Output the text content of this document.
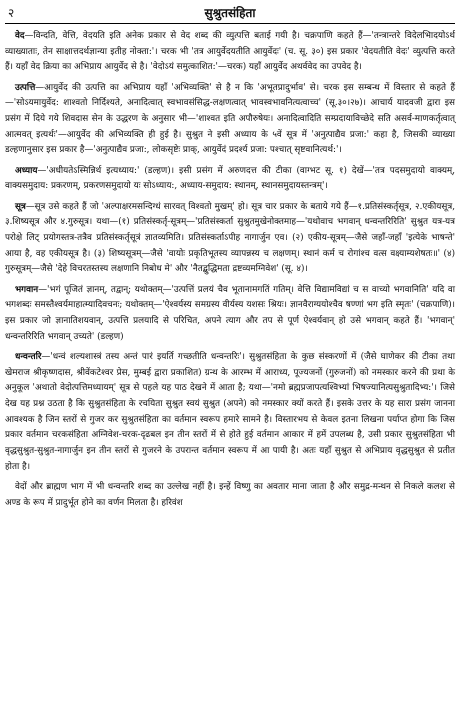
२	सुश्रुतसंहिता

वेद—विन्दति, वेत्ति, वेदयति इति अनेक प्रकार से वेद शब्द की व्युत्पत्ति बताई गयी है। चक्रपाणि कहते हैं—'तन्त्रान्तरे विदेलभिादयोऽर्थ व्याख्याताः, तेन साक्षात्तदर्थज्ञान्या इतीह नोक्ता:'। चरक भी 'तत्र आयुर्वेदयतीति आयुर्वेदः' (च. सू. ३०) इस प्रकार 'वेदयतीति वेदः' व्युत्पत्ति करते हैं। यहाँ वेद क्रिया का अभिप्राय आयुर्वेद से है। 'वेदोऽयं समुत्काशित:'—चरक) यहाँ आयुर्वेद अथर्ववेद का उपवेद है।

उत्पत्ति—आयुर्वेद की उत्पत्ति का अभिप्राय यहाँ 'अभिव्यक्ति' से है न कि 'अभूतप्रादुर्भाव' से। चरक इस सम्बन्ध में विस्तार से कहते हैं—'सोऽयमायुर्वेद: शाश्वतो निर्दिश्यते, अनादित्वात् स्वभावसंसिद्ध-लक्षणत्वात् भावस्वभावनित्यत्वाच्च' (सू.३०।२७)। आचार्य यादवजी द्वारा इस प्रसंग में दिये गये शिवदास सेन के उद्धरण के अनुसार भी—'शाश्वत इति अपौरुषेयः। अनादित्वादिति सम्प्रदायाविच्छेदे सति असर्व-माणकर्तृत्वात् आत्मवत् इत्यर्थः'—आयुर्वेद की अभिव्यक्ति ही हुई है। सुश्रुत ने इसी अध्याय के ५वें सूत्र में 'अनुत्पाद्यैव प्रजा:' कहा है, जिसकी व्याख्या डल्हणानुसार इस प्रकार है—'अनुत्पाद्यैव प्रजा:, लोकसृष्टेः प्राक्, आयुर्वेदं प्रदर्श्य प्रजा: पश्चात् सृष्टवानित्यर्थ:'।

अध्याय—'अधीयतेऽस्मिन्निर्थ इत्यध्याय:' (डल्हण)। इसी प्रसंग में अरुणदत्त की टीका (वाग्भट सू. १) देखें—'तत्र पदसमुदायो वाक्यम्, वाक्यसमुदाय: प्रकरणम्, प्रकरणसमुदायो यः सोऽध्याय:, अध्याय-समुदाय: स्थानम्, स्थानसमुदायस्तन्त्रम्'।

सूत्र—सूत्र उसे कहते हैं जो 'अल्पाक्षरमसन्दिग्धं सारवत् विश्वतो मुखम्' हो। सूत्र चार प्रकार के बताये गये हैं—१.प्रतिसंस्कर्तृसूत्र, २.एकीयसूत्र, ३.शिष्यसूत्र और ४.गुरुसूत्र। यथा—(१) प्रतिसंस्कर्तृ-सूत्रम्—'प्रतिसंस्कर्ता सुश्रुतमुखेनोक्तमाह—'यथोवाच भगवान् धन्वन्तरिरिति' सुश्रुत यत्र-यत्र परोक्षे लिट् प्रयोगस्तत्र-तत्रैव प्रतिसंस्कर्तृसूत्रं ज्ञातव्यमिति। प्रतिसंस्कर्ताऽपीह नागार्जुन एव। (२) एकीय-सूत्रम्—जैसे जहाँ-जहाँ 'इत्येके भाषन्ते' आया है, वह एकीयसूत्र है। (३) शिष्यसूत्रम्—जैसे 'वायोः प्रकृतिभूतस्य व्यापन्नस्य च लक्षणम्। स्थानं कर्म च रोगांश्च वत्स वक्ष्याम्यशेषतः॥' (४) गुरुसूत्रम्—जैसे 'देहे विचरतस्तस्य लक्षणानि निबोध मे' और 'नैतद्बुद्धिमता द्रष्टव्यमग्निवेश' (सू. ४)।

भगवान—'भगं पूजितं ज्ञानम्, तद्वान्; यथोक्तम्—'उत्पत्तिं प्रलयं चैव भूतानामगतिं गतिम्। वेत्ति विद्यामविद्यां च स वाच्यो भगवानिति' यदि वा भगशब्दः समस्तैश्वर्यमाहात्म्यादिवचनः; यथोक्तम्—'ऐश्वर्यस्य समग्रस्य वीर्यस्य यशसः श्रियः। ज्ञानवैराग्ययोश्चैव षण्णां भग इति स्मृतः' (चक्रपाणि)। इस प्रकार जो ज्ञानातिशयवान्, उत्पत्ति प्रलयादि से परिचित, अपने त्याग और तप से पूर्ण ऐश्वर्यवान् हो उसे भगवान् कहते हैं। 'भगवान्' धन्वन्तरिरिति भगवान् उच्यते' (डल्हण)

धन्वन्तरि—'धन्वं शल्यशास्त्रं तस्य अन्तं पारं इयर्ति गच्छतीति धन्वन्तरिः'। सुश्रुतसंहिता के कुछ संस्करणों में (जैसे घाणेकर की टीका तथा खेमराज श्रीकृष्णदास, श्रीवेंकटेश्वर प्रेस, मुम्बई द्वारा प्रकाशित) ग्रन्थ के आरम्भ में आराध्य, पूज्यजनों (गुरुजनों) को नमस्कार करने की प्रथा के अनुकूल 'अथातो वेदोत्पत्तिमध्यायम्' सूत्र से पहले यह पाठ देखने में आता है; यथा—'नमो ब्रह्मप्रजापत्यश्विभ्यां भिषज्यानित्यसुश्रुतादिभ्य:'। जिसे देख यह प्रश्न उठता है कि सुश्रुतसंहिता के रचयिता सुश्रुत स्वयं सुश्रुत (अपने) को नमस्कार क्यों करते हैं। इसके उत्तर के यह सारा प्रसंग जानना आवश्यक है जिन स्तरों से गुजर कर सुश्रुतसंहिता का वर्तमान स्वरूप हमारे सामने है। विस्तारभय से केवल इतना लिखना पर्याप्त होगा कि जिस प्रकार वर्तमान चरकसंहिता अग्निवेश-चरक-दृढबल इन तीन स्तरों में से होते हुई वर्तमान आकार में हमें उपलब्ध है, उसी प्रकार सुश्रुतसंहिता भी वृद्धसुश्रुत-सुश्रुत-नागार्जुन इन तीन स्तरों से गुजरने के उपरान्त वर्तमान स्वरूप में आ पायी है। अतः यहाँ सुश्रुत से अभिप्राय वृद्धसुश्रुत से प्रतीत होता है।

वेदों और ब्राह्मण भाग में भी धन्वन्तरि शब्द का उल्लेख नहीं है। इन्हें विष्णु का अवतार माना जाता है और समुद्र-मन्थन से निकले कलश से अण्ड के रूप में प्रादुर्भूत होने का वर्णन मिलता है। हरिवंश
